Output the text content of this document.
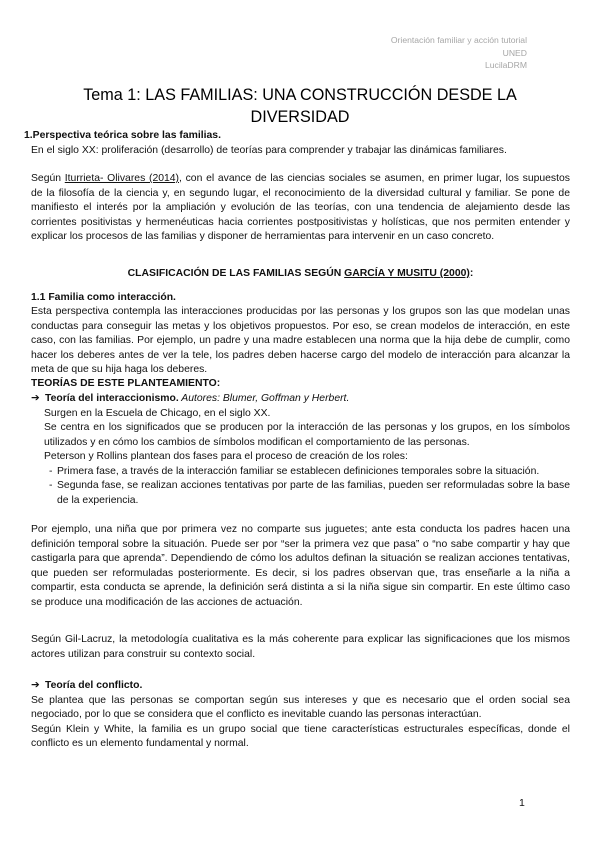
Orientación familiar y acción tutorial
UNED
LucilaDRM
Tema 1: LAS FAMILIAS: UNA CONSTRUCCIÓN DESDE LA DIVERSIDAD
1.Perspectiva teórica sobre las familias.
En el siglo XX: proliferación (desarrollo) de teorías para comprender y trabajar las dinámicas familiares.
Según Iturrieta- Olivares (2014), con el avance de las ciencias sociales se asumen, en primer lugar, los supuestos de la filosofía de la ciencia y, en segundo lugar, el reconocimiento de la diversidad cultural y familiar. Se pone de manifiesto el interés por la ampliación y evolución de las teorías, con una tendencia de alejamiento desde las corrientes positivistas y hermenéuticas hacia corrientes postpositivistas y holísticas, que nos permiten entender y explicar los procesos de las familias y disponer de herramientas para intervenir en un caso concreto.
CLASIFICACIÓN DE LAS FAMILIAS SEGÚN GARCÍA Y MUSITU (2000):
1.1 Familia como interacción.
Esta perspectiva contempla las interacciones producidas por las personas y los grupos son las que modelan unas conductas para conseguir las metas y los objetivos propuestos. Por eso, se crean modelos de interacción, en este caso, con las familias. Por ejemplo, un padre y una madre establecen una norma que la hija debe de cumplir, como hacer los deberes antes de ver la tele, los padres deben hacerse cargo del modelo de interacción para alcanzar la meta de que su hija haga los deberes.
TEORÍAS DE ESTE PLANTEAMIENTO:
➔ Teoría del interaccionismo. Autores: Blumer, Goffman y Herbert.
Surgen en la Escuela de Chicago, en el siglo XX.
Se centra en los significados que se producen por la interacción de las personas y los grupos, en los símbolos utilizados y en cómo los cambios de símbolos modifican el comportamiento de las personas.
Peterson y Rollins plantean dos fases para el proceso de creación de los roles:
- Primera fase, a través de la interacción familiar se establecen definiciones temporales sobre la situación.
- Segunda fase, se realizan acciones tentativas por parte de las familias, pueden ser reformuladas sobre la base de la experiencia.
Por ejemplo, una niña que por primera vez no comparte sus juguetes; ante esta conducta los padres hacen una definición temporal sobre la situación. Puede ser por “ser la primera vez que pasa” o “no sabe compartir y hay que castigarla para que aprenda”. Dependiendo de cómo los adultos definan la situación se realizan acciones tentativas, que pueden ser reformuladas posteriormente. Es decir, si los padres observan que, tras enseñarle a la niña a compartir, esta conducta se aprende, la definición será distinta a si la niña sigue sin compartir. En este último caso se produce una modificación de las acciones de actuación.
Según Gil-Lacruz, la metodología cualitativa es la más coherente para explicar las significaciones que los mismos actores utilizan para construir su contexto social.
➔ Teoría del conflicto.
Se plantea que las personas se comportan según sus intereses y que es necesario que el orden social sea negociado, por lo que se considera que el conflicto es inevitable cuando las personas interactúan.
Según Klein y White, la familia es un grupo social que tiene características estructurales específicas, donde el conflicto es un elemento fundamental y normal.
1
